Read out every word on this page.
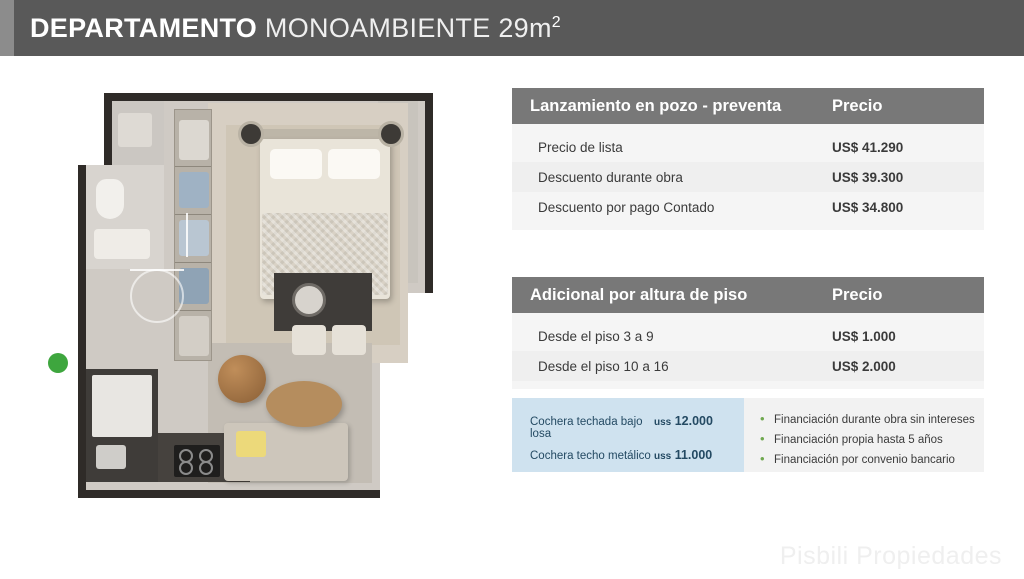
DEPARTAMENTO MONOAMBIENTE $29m^2$
Lanzamiento en pozo - preventa	Precio
Precio de lista	US$ 41.290
Descuento durante obra	US$ 39.300
Descuento por pago Contado	US$ 34.800
Adicional por altura de piso	Precio
Desde el piso 3 a 9	US$ 1.000
Desde el piso 10 a 16	US$ 2.000
Cochera techada bajo losa
uss 12.000
Cochera techo metálico uss 11.000
• Financiación durante obra sin intereses
• Financiación propia hasta 5 años
• Financiación por convenio bancario
Pisbili Propiedades
